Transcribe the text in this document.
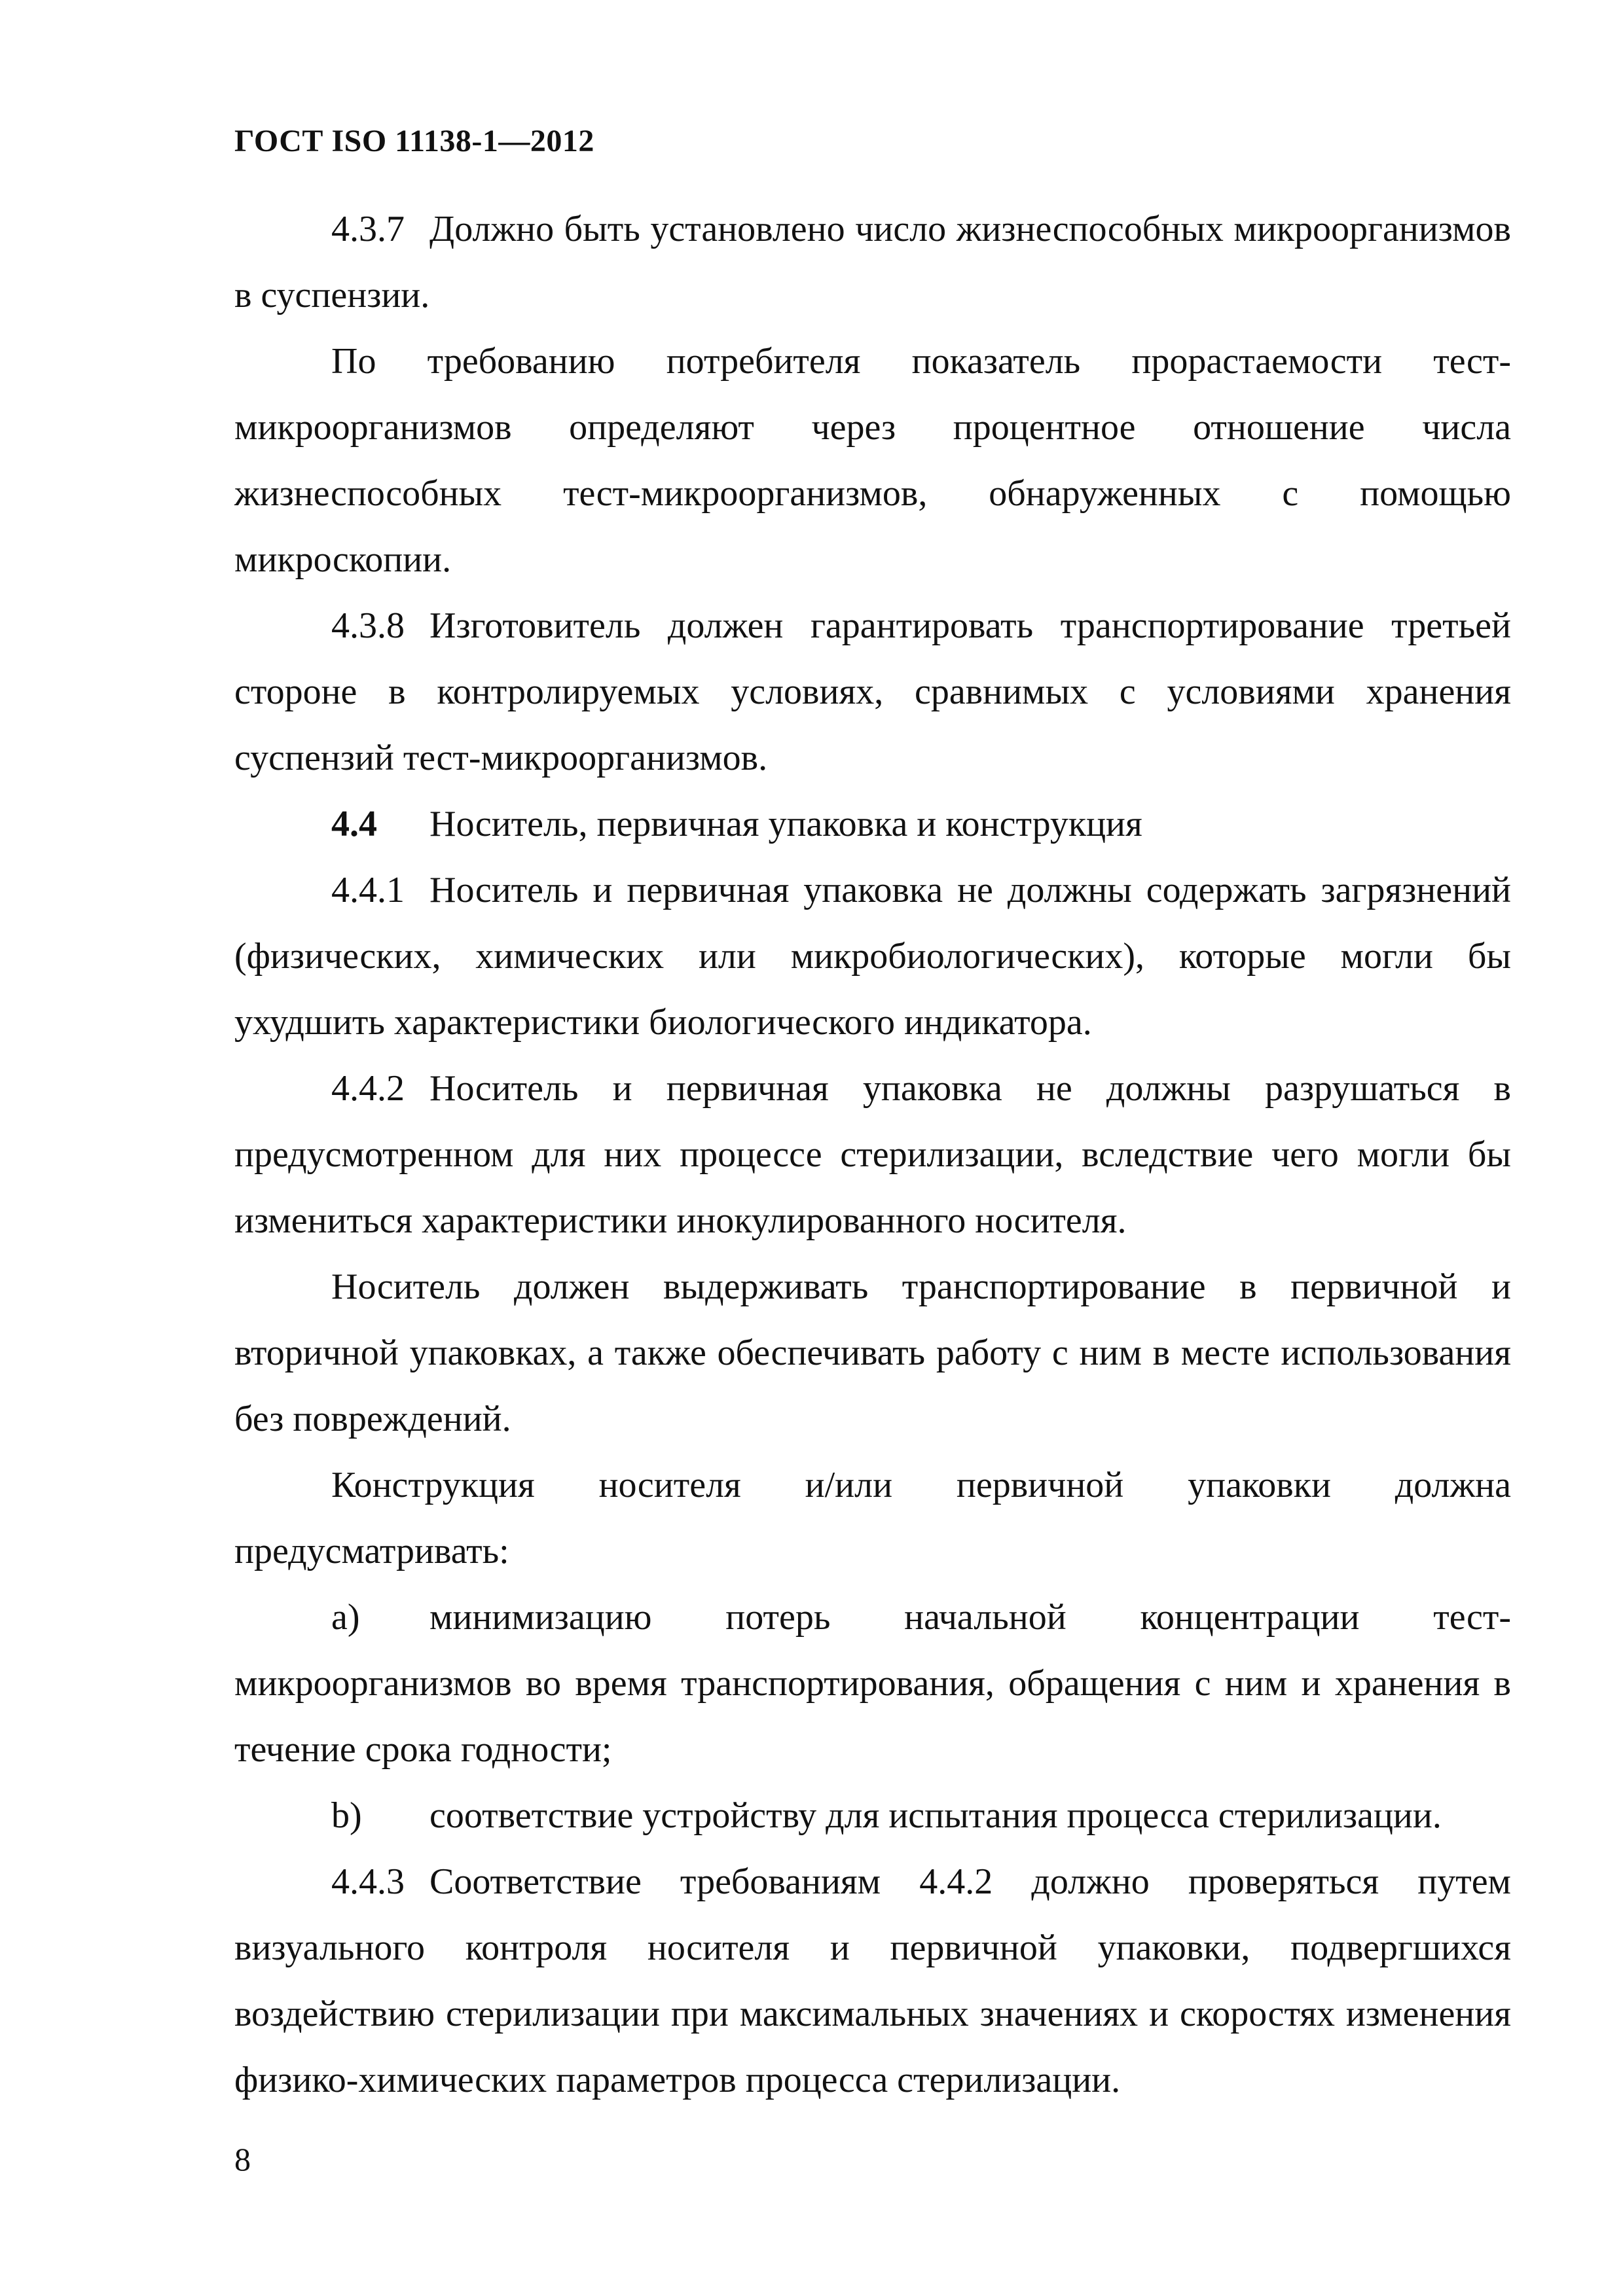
ГОСТ ISO 11138-1—2012

4.3.7 Должно быть установлено число жизнеспособных микроорганизмов в суспензии.

По требованию потребителя показатель прорастаемости тест-микроорганизмов определяют через процентное отношение числа жизнеспособных тест-микроорганизмов, обнаруженных с помощью микроскопии.

4.3.8 Изготовитель должен гарантировать транспортирование третьей стороне в контролируемых условиях, сравнимых с условиями хранения суспензий тест-микроорганизмов.

4.4 Носитель, первичная упаковка и конструкция

4.4.1 Носитель и первичная упаковка не должны содержать загрязнений (физических, химических или микробиологических), которые могли бы ухудшить характеристики биологического индикатора.

4.4.2 Носитель и первичная упаковка не должны разрушаться в предусмотренном для них процессе стерилизации, вследствие чего могли бы измениться характеристики инокулированного носителя.

Носитель должен выдерживать транспортирование в первичной и вторичной упаковках, а также обеспечивать работу с ним в месте использования без повреждений.

Конструкция носителя и/или первичной упаковки должна предусматривать:

a) минимизацию потерь начальной концентрации тест-микроорганизмов во время транспортирования, обращения с ним и хранения в течение срока годности;

b) соответствие устройству для испытания процесса стерилизации.

4.4.3 Соответствие требованиям 4.4.2 должно проверяться путем визуального контроля носителя и первичной упаковки, подвергшихся воздействию стерилизации при максимальных значениях и скоростях изменения физико-химических параметров процесса стерилизации.

8
